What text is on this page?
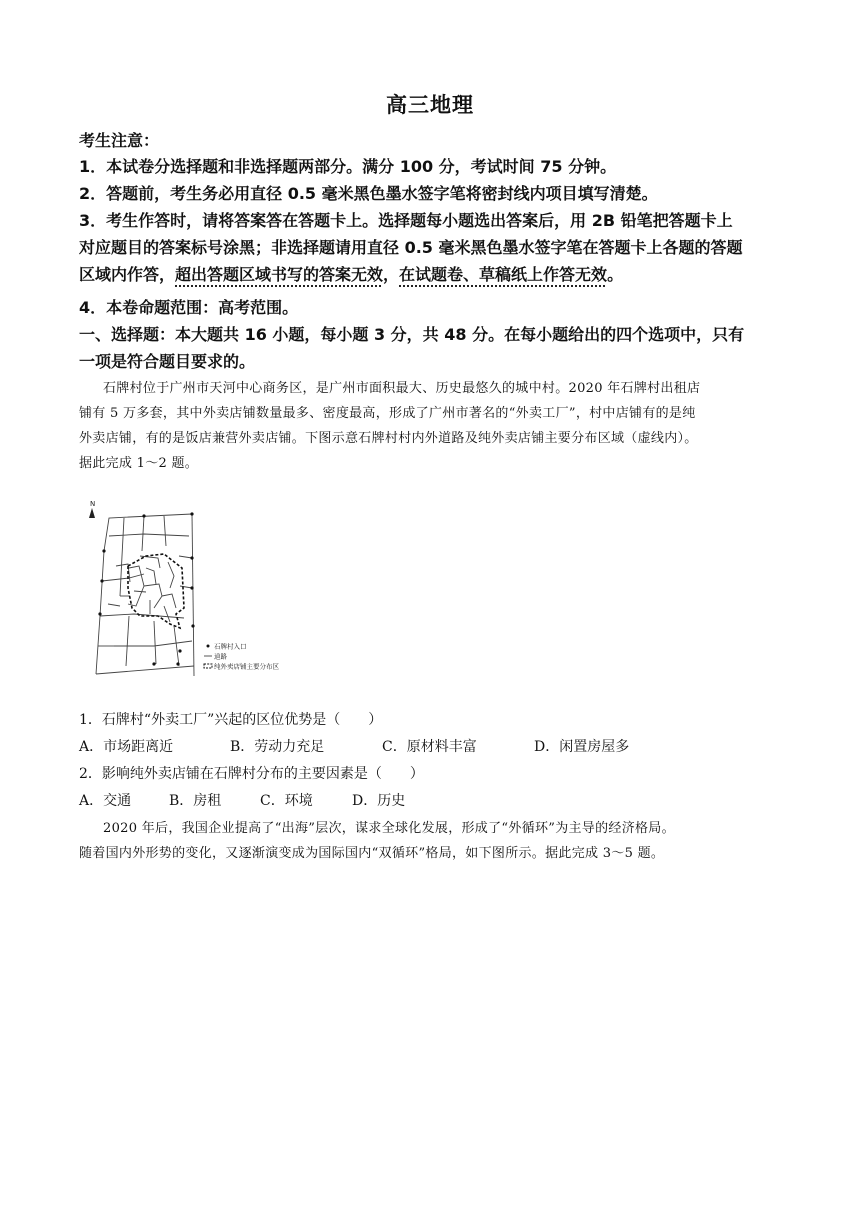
高三地理
考生注意：
1．本试卷分选择题和非选择题两部分。满分 100 分，考试时间 75 分钟。
2．答题前，考生务必用直径 0.5 毫米黑色墨水签字笔将密封线内项目填写清楚。
3．考生作答时，请将答案答在答题卡上。选择题每小题选出答案后，用 2B 铅笔把答题卡上
对应题目的答案标号涂黑；非选择题请用直径 0.5 毫米黑色墨水签字笔在答题卡上各题的答题
区域内作答，超出答题区域书写的答案无效，在试题卷、草稿纸上作答无效。
4．本卷命题范围：高考范围。
一、选择题：本大题共 16 小题，每小题 3 分，共 48 分。在每小题给出的四个选项中，只有
一项是符合题目要求的。
石牌村位于广州市天河中心商务区，是广州市面积最大、历史最悠久的城中村。2020 年石牌村出租店
铺有 5 万多套，其中外卖店铺数量最多、密度最高，形成了广州市著名的“外卖工厂”，村中店铺有的是纯
外卖店铺，有的是饭店兼营外卖店铺。下图示意石牌村村内外道路及纯外卖店铺主要分布区域（虚线内）。
据此完成 1～2 题。
N
石牌村入口
道路
纯外卖店铺主要分布区
1．石牌村“外卖工厂”兴起的区位优势是（　　）
A．市场距离近	B．劳动力充足	C．原材料丰富	D．闲置房屋多
2．影响纯外卖店铺在石牌村分布的主要因素是（　　）
A．交通	B．房租	C．环境	D．历史
2020 年后，我国企业提高了“出海”层次，谋求全球化发展，形成了“外循环”为主导的经济格局。
随着国内外形势的变化，又逐渐演变成为国际国内“双循环”格局，如下图所示。据此完成 3～5 题。
